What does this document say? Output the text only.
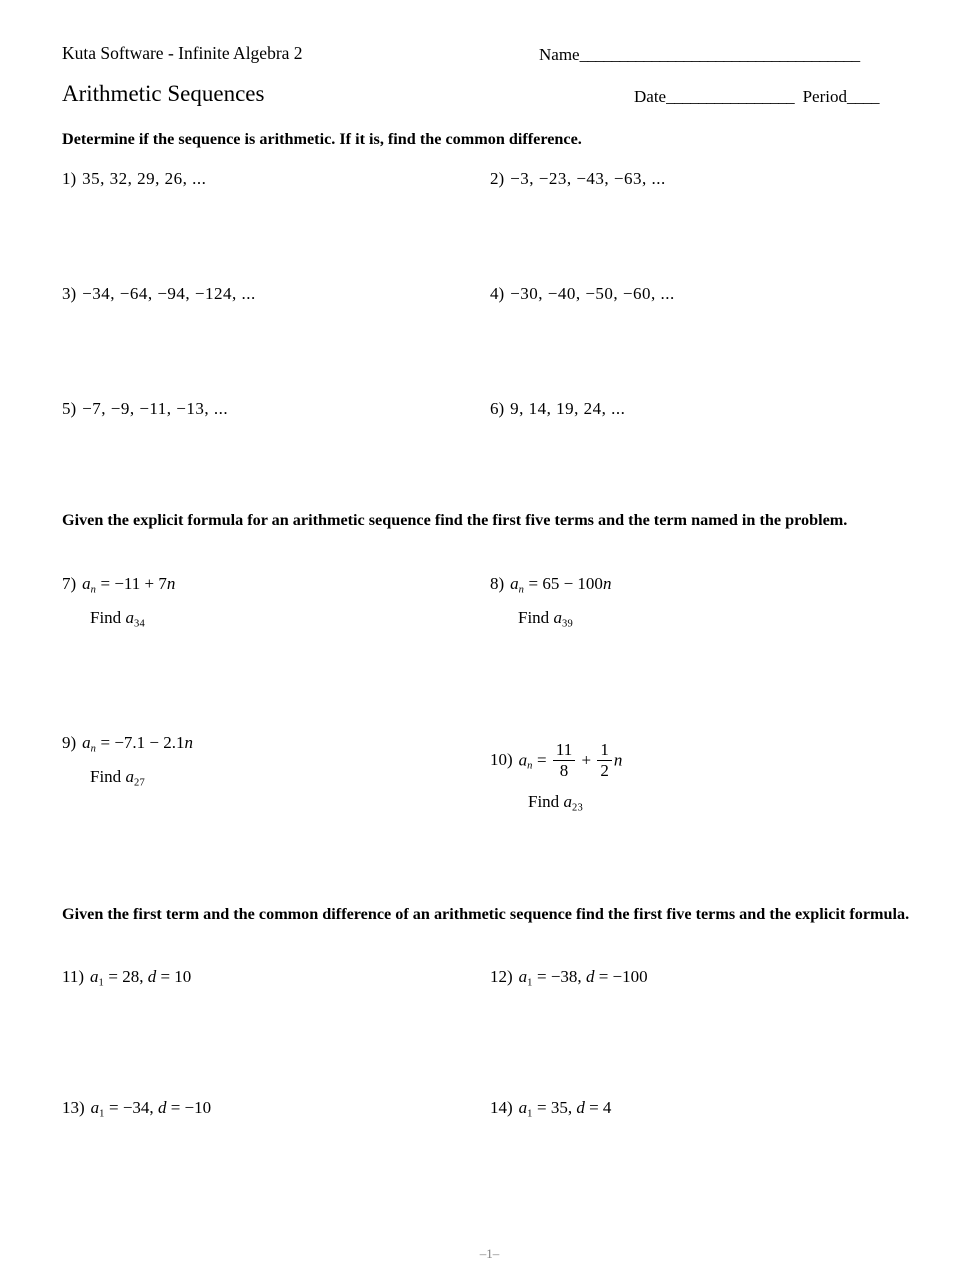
Kuta Software - Infinite Algebra 2
Arithmetic Sequences
Name___________________________________
Date________________ Period____
Determine if the sequence is arithmetic. If it is, find the common difference.
1) 35, 32, 29, 26, ...	2) −3, −23, −43, −63, ...
3) −34, −64, −94, −124, ...	4) −30, −40, −50, −60, ...
5) −7, −9, −11, −13, ...	6) 9, 14, 19, 24, ...
Given the explicit formula for an arithmetic sequence find the first five terms and the term named in the problem.
7) $a_n = -11 + 7n$
Find $a_{34}$
8) $a_n = 65 - 100n$
Find $a_{39}$
9) $a_n = -7.1 - 2.1n$
Find $a_{27}$
10) $a_n = \frac{11}{8} + \frac{1}{2}$ n
Find $a_{23}$
Given the first term and the common difference of an arithmetic sequence find the first five terms and the explicit formula.
11) $a_1 = 28$, d = 10	12) $a_1 = -38$, d = −100
13) $a_1 = -34$, d = −10	14) $a_1 = 35$, d = 4
–1–
